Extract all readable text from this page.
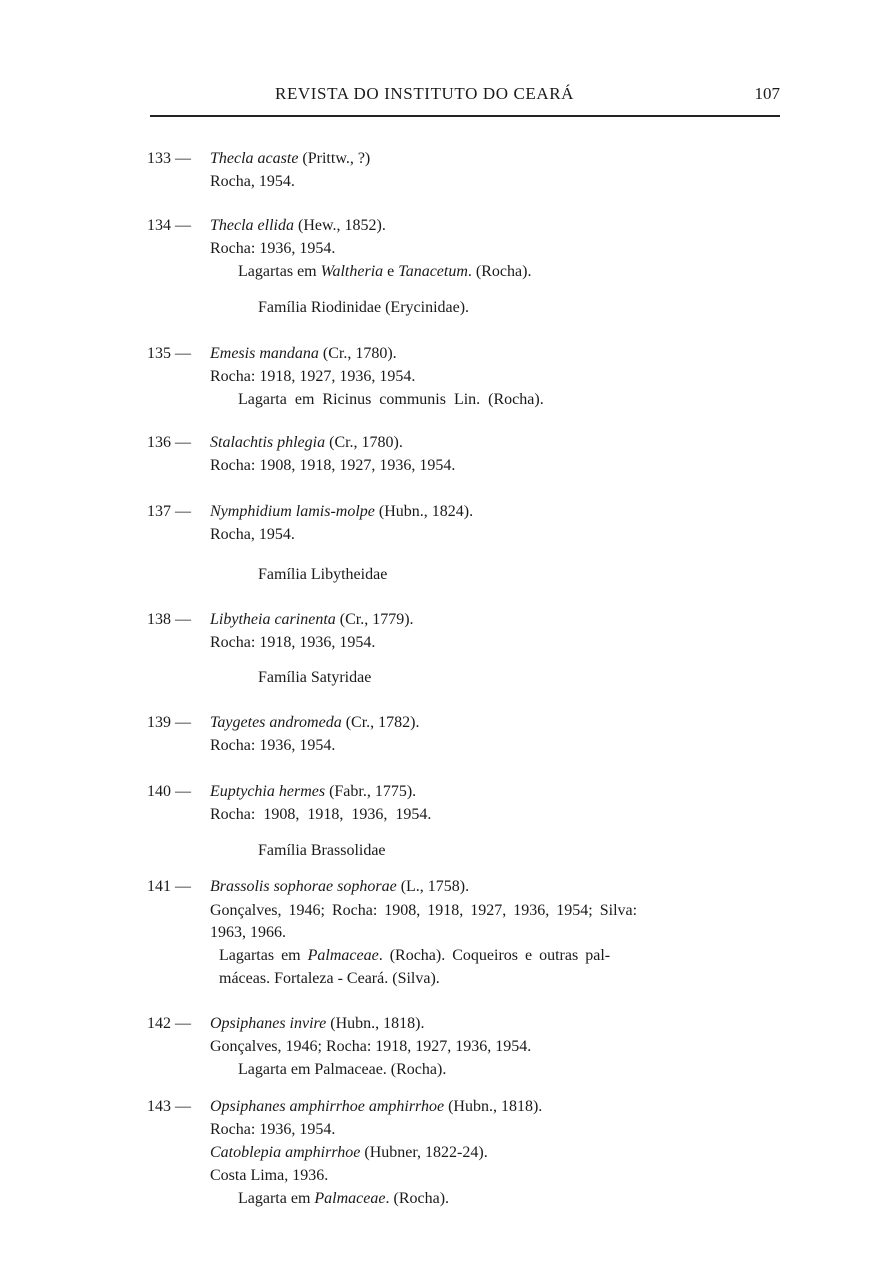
REVISTA DO INSTITUTO DO CEARÁ	107
133 — Thecla acaste (Prittw., ?)
Rocha, 1954.
134 — Thecla ellida (Hew., 1852).
Rocha: 1936, 1954.
Lagartas em Waltheria e Tanacetum. (Rocha).
Família Riodinidae (Erycinidae).
135 — Emesis mandana (Cr., 1780).
Rocha: 1918, 1927, 1936, 1954.
Lagarta em Ricinus communis Lin. (Rocha).
136 — Stalachtis phlegia (Cr., 1780).
Rocha: 1908, 1918, 1927, 1936, 1954.
137 — Nymphidium lamis-molpe (Hubn., 1824).
Rocha, 1954.
Família Libytheidae
138 — Libytheia carinenta (Cr., 1779).
Rocha: 1918, 1936, 1954.
Família Satyridae
139 — Taygetes andromeda (Cr., 1782).
Rocha: 1936, 1954.
140 — Euptychia hermes (Fabr., 1775).
Rocha: 1908, 1918, 1936, 1954.
Família Brassolidae
141 — Brassolis sophorae sophorae (L., 1758).
Gonçalves, 1946; Rocha: 1908, 1918, 1927, 1936, 1954; Silva:
1963, 1966.
Lagartas em Palmaceae. (Rocha). Coqueiros e outras pal-
máceas. Fortaleza - Ceará. (Silva).
142 — Opsiphanes invire (Hubn., 1818).
Gonçalves, 1946; Rocha: 1918, 1927, 1936, 1954.
Lagarta em Palmaceae. (Rocha).
143 — Opsiphanes amphirrhoe amphirrhoe (Hubn., 1818).
Rocha: 1936, 1954.
Catoblepia amphirrhoe (Hubner, 1822-24).
Costa Lima, 1936.
Lagarta em Palmaceae. (Rocha).
